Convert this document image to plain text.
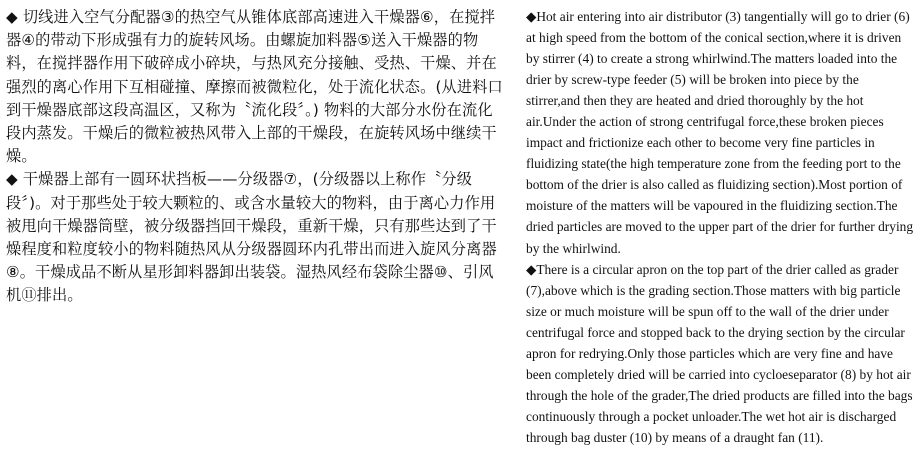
◆ 切线进入空气分配器③的热空气从锥体底部高速进入干燥器⑥，在搅拌器④的带动下形成强有力的旋转风场。由螺旋加料器⑤送入干燥器的物料，在搅拌器作用下破碎成小碎块，与热风充分接触、受热、干燥、并在强烈的离心作用下互相碰撞、摩擦而被微粒化，处于流化状态。(从进料口到干燥器底部这段高温区，又称为〝流化段〞。) 物料的大部分水份在流化段内蒸发。干燥后的微粒被热风带入上部的干燥段，在旋转风场中继续干燥。

◆ 干燥器上部有一圆环状挡板——分级器⑦，(分级器以上称作〝分级段〞)。对于那些处于较大颗粒的、或含水量较大的物料，由于离心力作用被甩向干燥器筒壁，被分级器挡回干燥段，重新干燥，只有那些达到了干燥程度和粒度较小的物料随热风从分级器圆环内孔带出而进入旋风分离器⑧。干燥成品不断从星形卸料器卸出装袋。湿热风经布袋除尘器⑩、引风机⑪排出。

◆Hot air entering into air distributor (3) tangentially will go to drier (6) at high speed from the bottom of the conical section,where it is driven by stirrer (4) to create a strong whirlwind.The matters loaded into the drier by screw-type feeder (5) will be broken into piece by the stirrer,and then they are heated and dried thoroughly by the hot air.Under the action of strong centrifugal force,these broken pieces impact and frictionize each other to become very fine particles in fluidizing state(the high temperature zone from the feeding port to the bottom of the drier is also called as fluidizing section).Most portion of moisture of the matters will be vapoured in the fluidizing section.The dried particles are moved to the upper part of the drier for further drying by the whirlwind.

◆There is a circular apron on the top part of the drier called as grader (7),above which is the grading section.Those matters with big particle size or much moisture will be spun off to the wall of the drier under centrifugal force and stopped back to the drying section by the circular apron for redrying.Only those particles which are very fine and have been completely dried will be carried into cycloeseparator (8) by hot air through the hole of the grader,The dried products are filled into the bags continuously through a pocket unloader.The wet hot air is discharged through bag duster (10) by means of a draught fan (11).
